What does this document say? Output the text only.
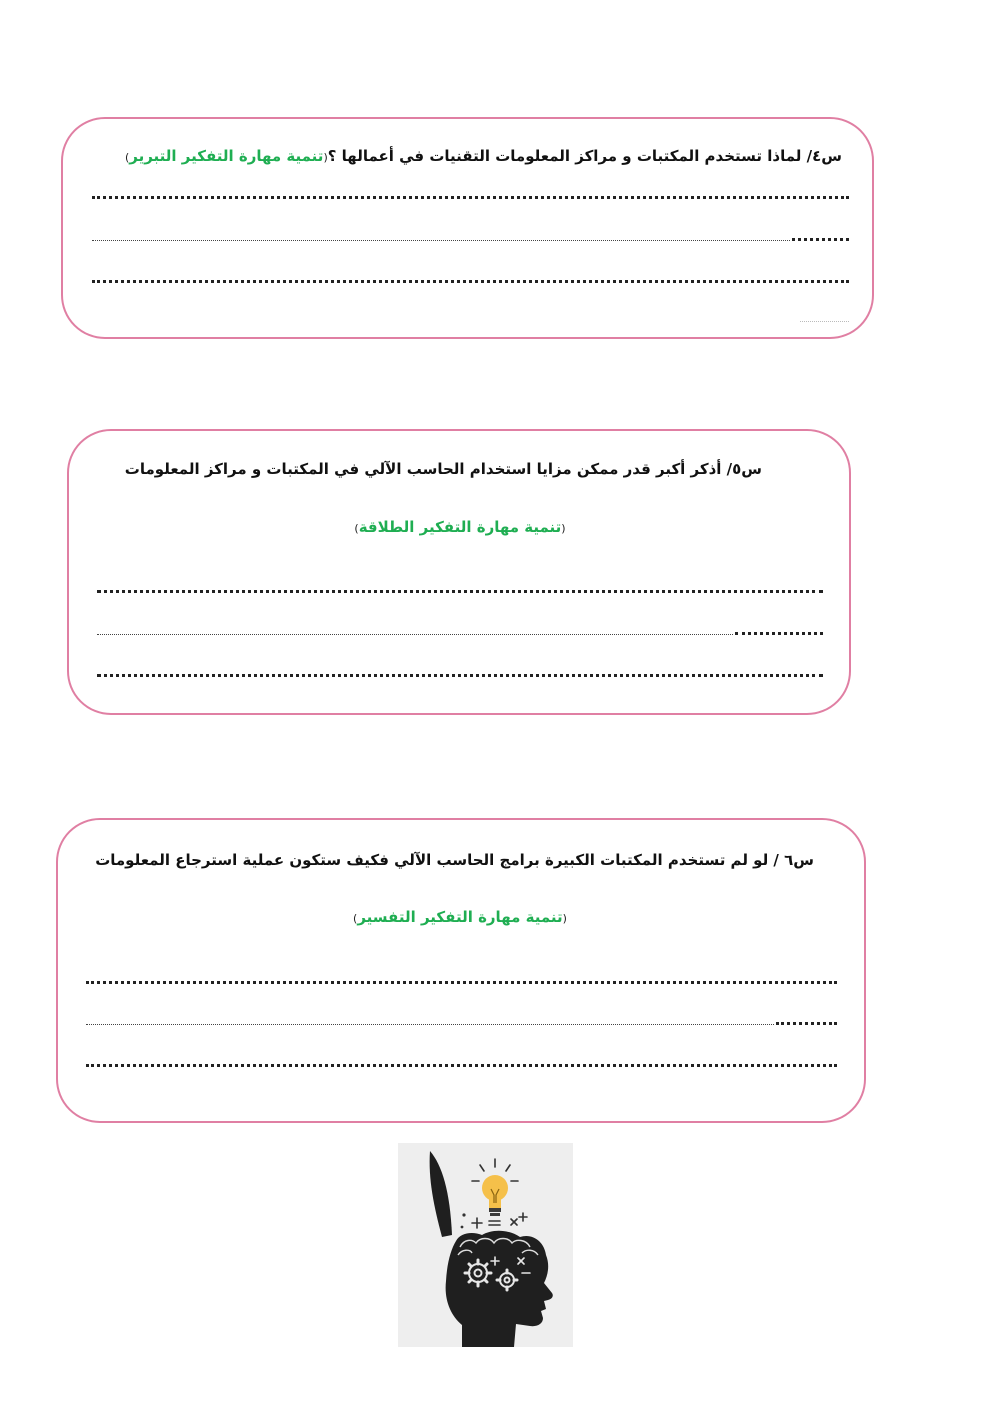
س٤/ لماذا تستخدم المكتبات و مراكز المعلومات التقنيات في أعمالها ؟(تنمية مهارة التفكير التبرير)
س٥/ أذكر أكبر قدر ممكن مزايا استخدام الحاسب الآلي في المكتبات و مراكز المعلومات
(تنمية مهارة التفكير الطلاقة)
س٦ / لو لم تستخدم المكتبات الكبيرة برامج الحاسب الآلي فكيف ستكون عملية استرجاع المعلومات
(تنمية مهارة التفكير التفسير)
